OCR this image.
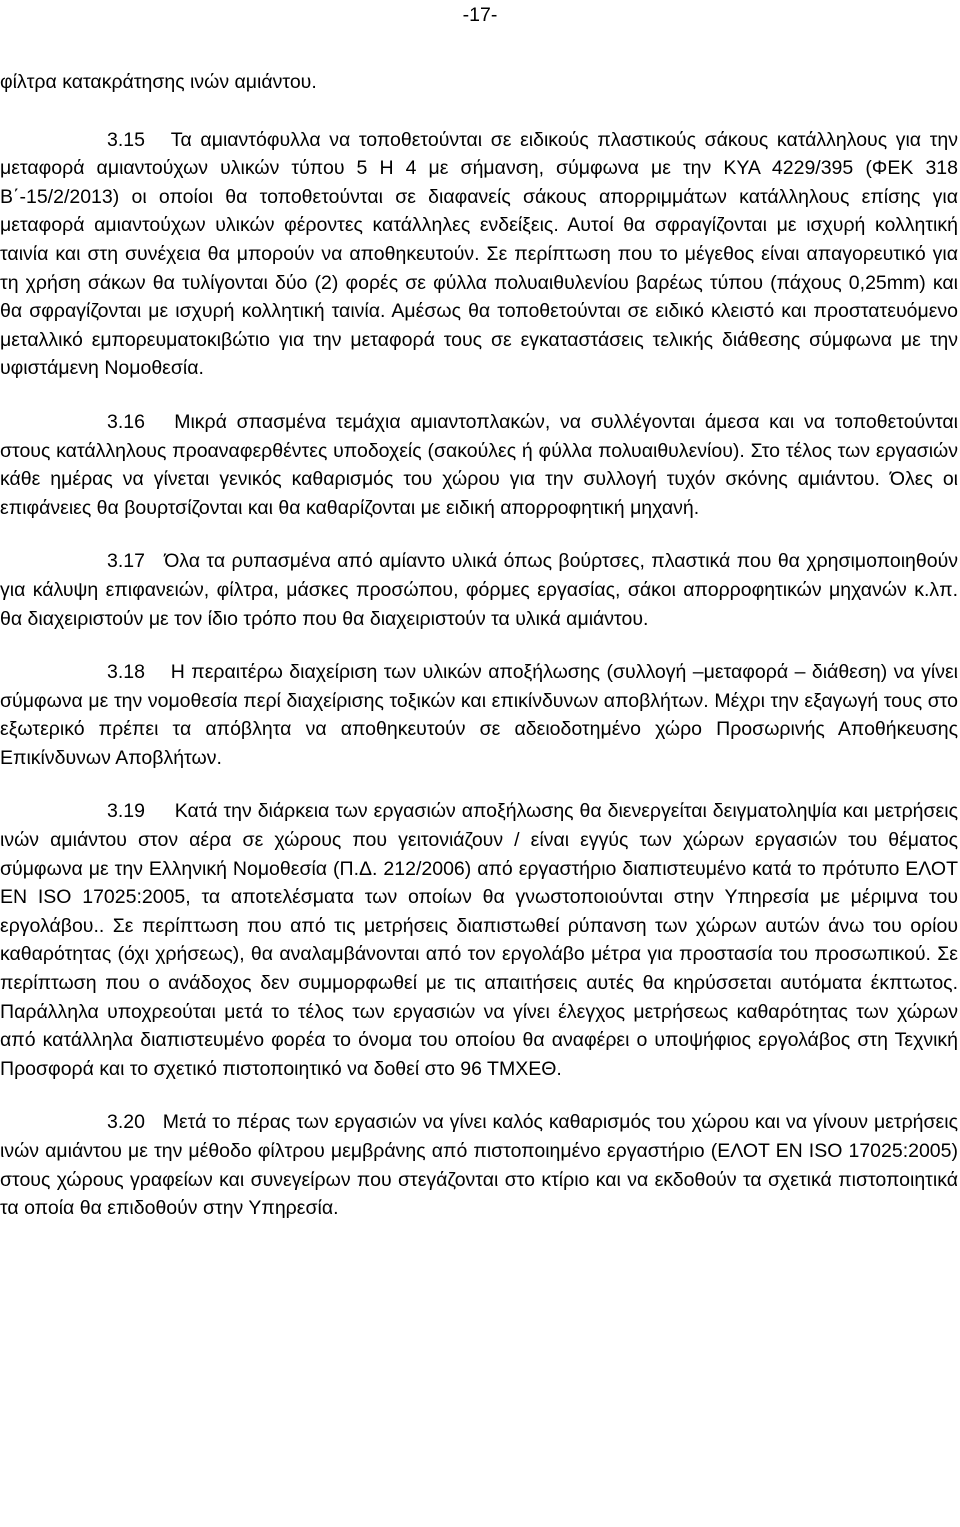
-17-

φίλτρα κατακράτησης ινών αμιάντου.

3.15 Τα αμιαντόφυλλα να τοποθετούνται σε ειδικούς πλαστικούς σάκους κατάλληλους για την μεταφορά αμιαντούχων υλικών τύπου 5 Η 4 με σήμανση, σύμφωνα με την ΚΥΑ 4229/395 (ΦΕΚ 318 Β΄-15/2/2013) οι οποίοι θα τοποθετούνται σε διαφανείς σάκους απορριμμάτων κατάλληλους επίσης για μεταφορά αμιαντούχων υλικών φέροντες κατάλληλες ενδείξεις. Αυτοί θα σφραγίζονται με ισχυρή κολλητική ταινία και στη συνέχεια θα μπορούν να αποθηκευτούν. Σε περίπτωση που το μέγεθος είναι απαγορευτικό για τη χρήση σάκων θα τυλίγονται δύο (2) φορές σε φύλλα πολυαιθυλενίου βαρέως τύπου (πάχους 0,25mm) και θα σφραγίζονται με ισχυρή κολλητική ταινία. Αμέσως θα τοποθετούνται σε ειδικό κλειστό και προστατευόμενο μεταλλικό εμπορευματοκιβώτιο για την μεταφορά τους σε εγκαταστάσεις τελικής διάθεσης σύμφωνα με την υφιστάμενη Νομοθεσία.

3.16 Μικρά σπασμένα τεμάχια αμιαντοπλακών, να συλλέγονται άμεσα και να τοποθετούνται στους κατάλληλους προαναφερθέντες υποδοχείς (σακούλες ή φύλλα πολυαιθυλενίου). Στο τέλος των εργασιών κάθε ημέρας να γίνεται γενικός καθαρισμός του χώρου για την συλλογή τυχόν σκόνης αμιάντου. Όλες οι επιφάνειες θα βουρτσίζονται και θα καθαρίζονται με ειδική απορροφητική μηχανή.

3.17 Όλα τα ρυπασμένα από αμίαντο υλικά όπως βούρτσες, πλαστικά που θα χρησιμοποιηθούν για κάλυψη επιφανειών, φίλτρα, μάσκες προσώπου, φόρμες εργασίας, σάκοι απορροφητικών μηχανών κ.λπ. θα διαχειριστούν με τον ίδιο τρόπο που θα διαχειριστούν τα υλικά αμιάντου.

3.18 Η περαιτέρω διαχείριση των υλικών αποξήλωσης (συλλογή –μεταφορά – διάθεση) να γίνει σύμφωνα με την νομοθεσία περί διαχείρισης τοξικών και επικίνδυνων αποβλήτων. Μέχρι την εξαγωγή τους στο εξωτερικό πρέπει τα απόβλητα να αποθηκευτούν σε αδειοδοτημένο χώρο Προσωρινής Αποθήκευσης Επικίνδυνων Αποβλήτων.

3.19 Κατά την διάρκεια των εργασιών αποξήλωσης θα διενεργείται δειγματοληψία και μετρήσεις ινών αμιάντου στον αέρα σε χώρους που γειτονιάζουν / είναι εγγύς των χώρων εργασιών του θέματος σύμφωνα με την Ελληνική Νομοθεσία (Π.Δ. 212/2006) από εργαστήριο διαπιστευμένο κατά το πρότυπο ΕΛΟΤ ΕΝ ISO 17025:2005, τα αποτελέσματα των οποίων θα γνωστοποιούνται στην Υπηρεσία με μέριμνα του εργολάβου.. Σε περίπτωση που από τις μετρήσεις διαπιστωθεί ρύπανση των χώρων αυτών άνω του ορίου καθαρότητας (όχι χρήσεως), θα αναλαμβάνονται από τον εργολάβο μέτρα για προστασία του προσωπικού. Σε περίπτωση που ο ανάδοχος δεν συμμορφωθεί με τις απαιτήσεις αυτές θα κηρύσσεται αυτόματα έκπτωτος. Παράλληλα υποχρεούται μετά το τέλος των εργασιών να γίνει έλεγχος μετρήσεως καθαρότητας των χώρων από κατάλληλα διαπιστευμένο φορέα το όνομα του οποίου θα αναφέρει ο υποψήφιος εργολάβος στη Τεχνική Προσφορά και το σχετικό πιστοποιητικό να δοθεί στο 96 ΤΜΧΕΘ.

3.20 Μετά το πέρας των εργασιών να γίνει καλός καθαρισμός του χώρου και να γίνουν μετρήσεις ινών αμιάντου με την μέθοδο φίλτρου μεμβράνης από πιστοποιημένο εργαστήριο (ΕΛΟΤ ΕΝ ISO 17025:2005) στους χώρους γραφείων και συνεγείρων που στεγάζονται στο κτίριο και να εκδοθούν τα σχετικά πιστοποιητικά τα οποία θα επιδοθούν στην Υπηρεσία.
